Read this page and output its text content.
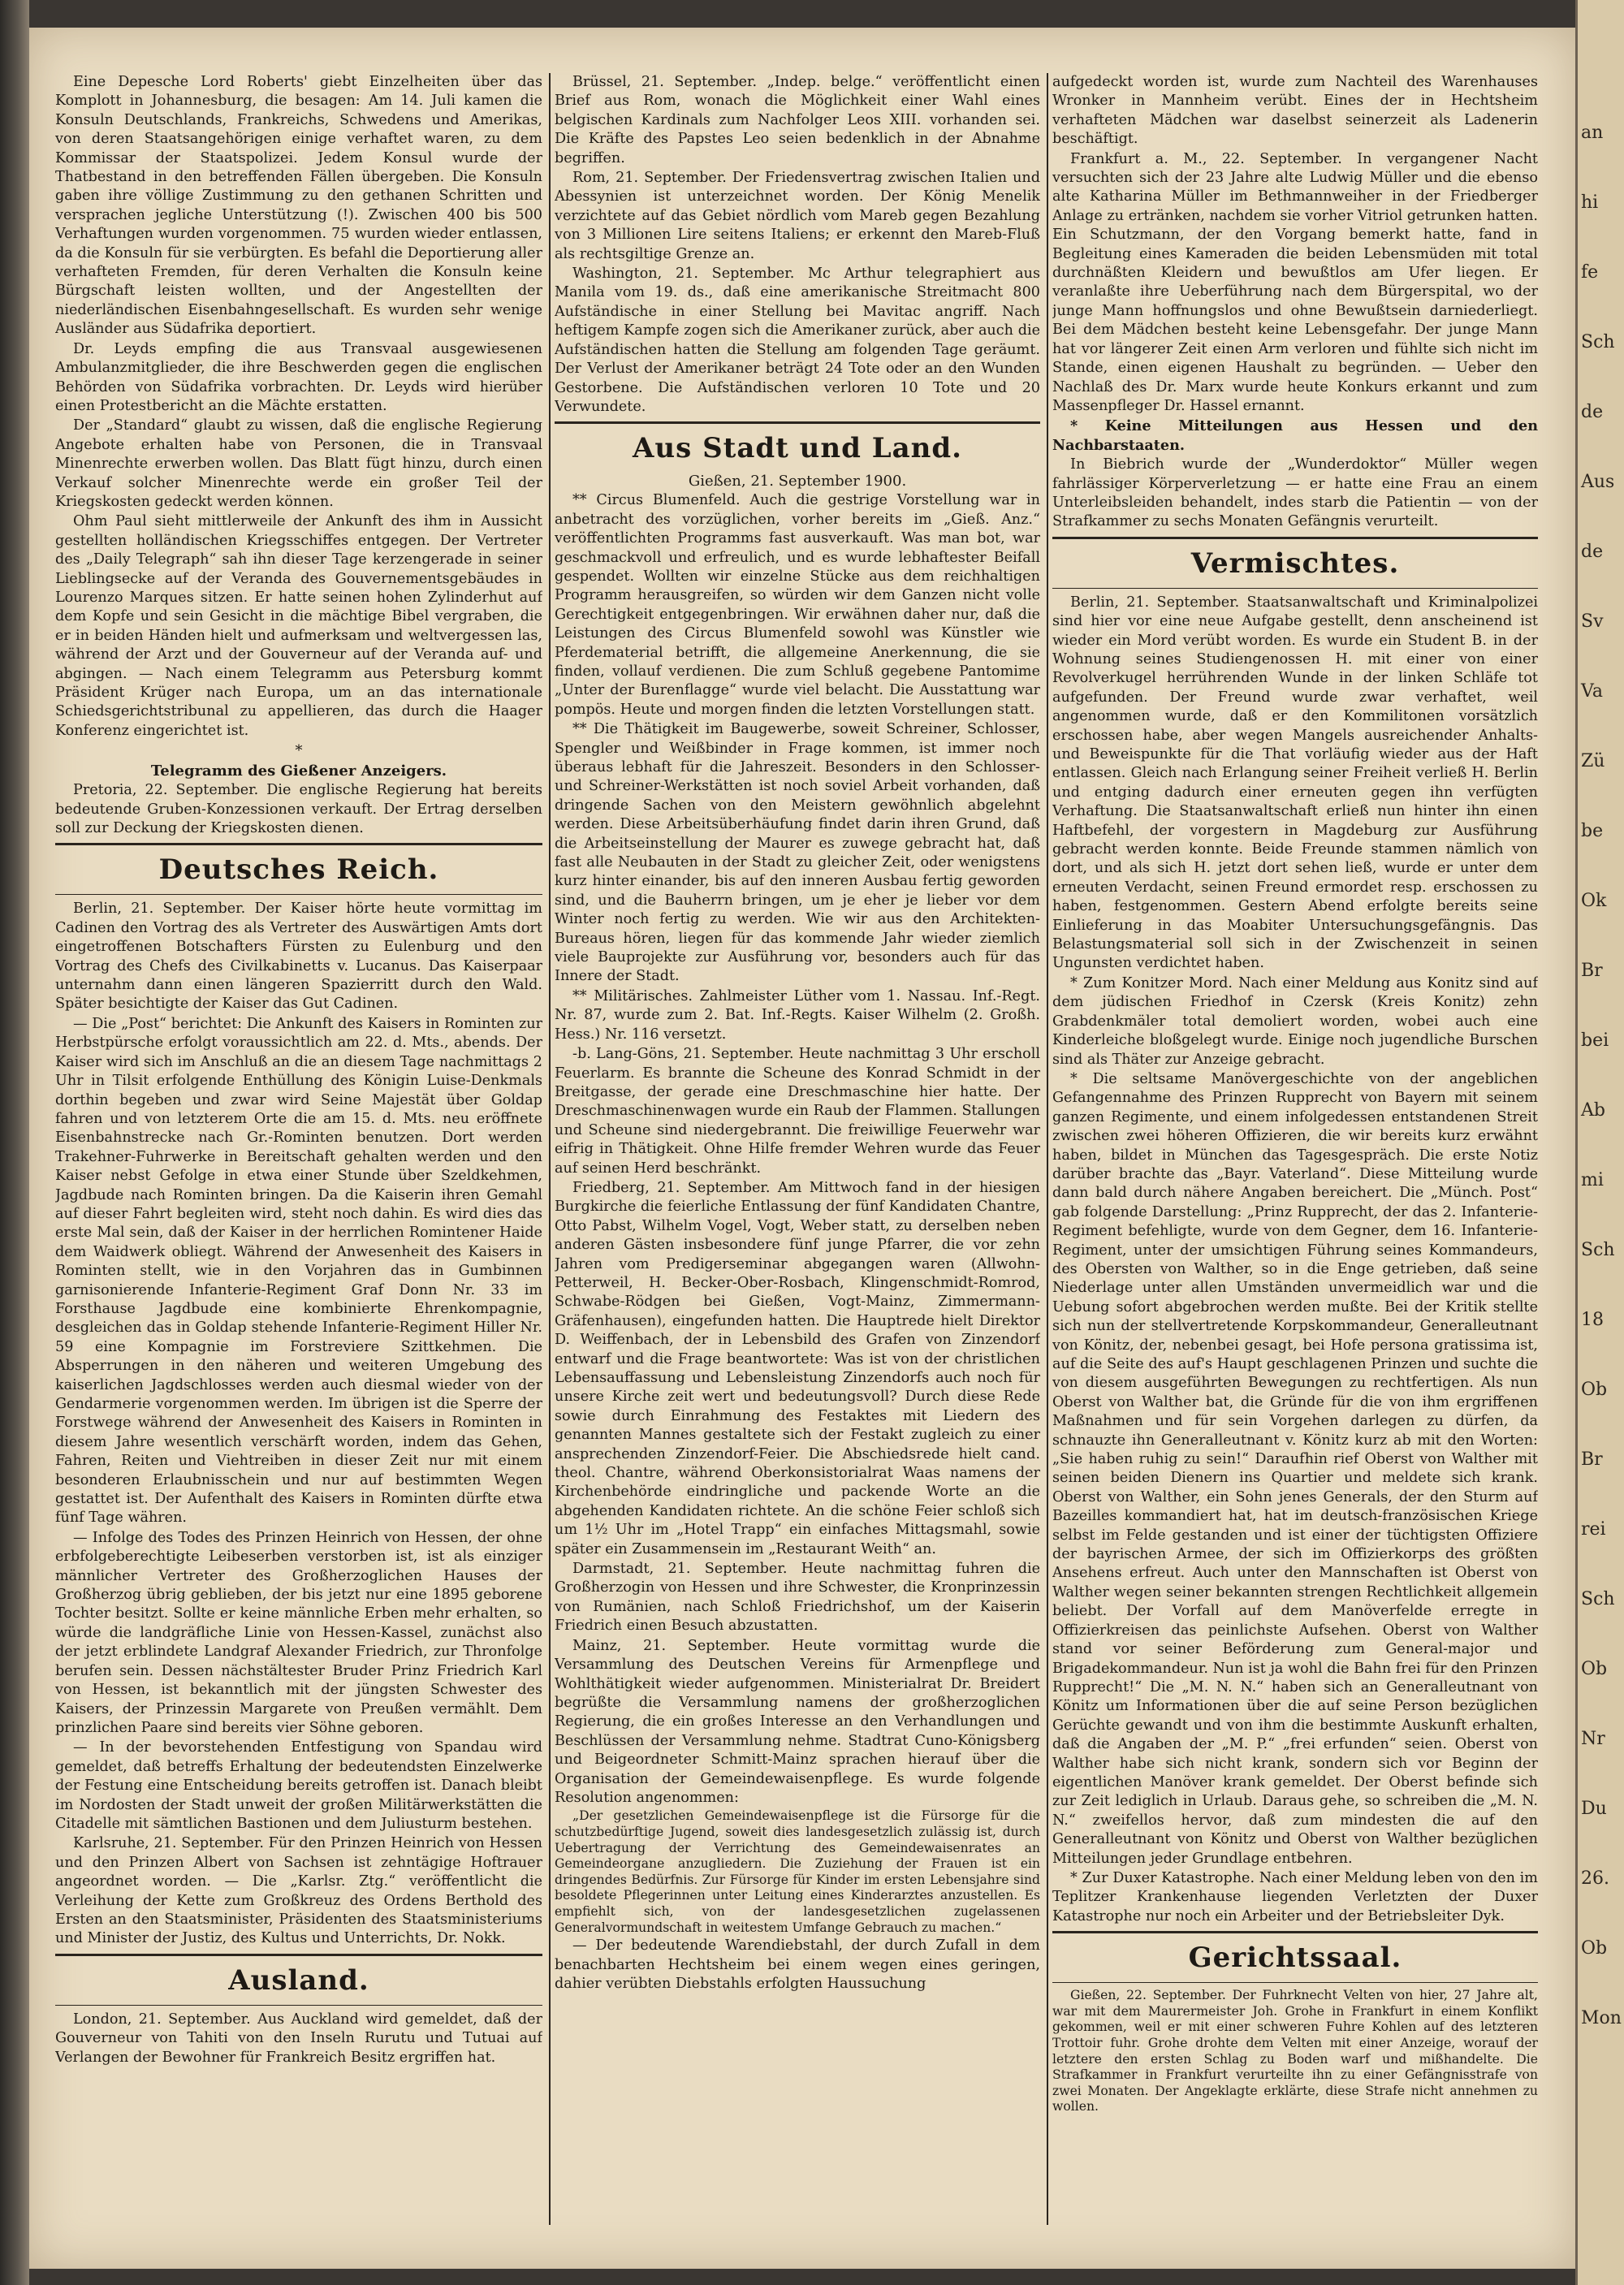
an
hi
fe
Sch
de
Aus
de
Sv
Va
Zü
be
Ok
Br
bei
Ab
mi
Sch
18
Ob
Br
rei
Sch
Ob
Nr
Du
26.
Ob
Mon
Eine Depesche Lord Roberts' giebt Einzelheiten über das Komplott in Johannesburg, die besagen: Am 14. Juli kamen die Konsuln Deutschlands, Frankreichs, Schwedens und Amerikas, von deren Staatsangehörigen einige verhaftet waren, zu dem Kommissar der Staatspolizei. Jedem Konsul wurde der Thatbestand in den betreffenden Fällen übergeben. Die Konsuln gaben ihre völlige Zustimmung zu den gethanen Schritten und versprachen jegliche Unterstützung (!). Zwischen 400 bis 500 Verhaftungen wurden vorgenommen. 75 wurden wieder entlassen, da die Konsuln für sie verbürgten. Es befahl die Deportierung aller verhafteten Fremden, für deren Verhalten die Konsuln keine Bürgschaft leisten wollten, und der Angestellten der niederländischen Eisenbahngesellschaft. Es wurden sehr wenige Ausländer aus Südafrika deportiert.
Dr. Leyds empfing die aus Transvaal ausgewiesenen Ambulanzmitglieder, die ihre Beschwerden gegen die englischen Behörden von Südafrika vorbrachten. Dr. Leyds wird hierüber einen Protestbericht an die Mächte erstatten.
Der „Standard“ glaubt zu wissen, daß die englische Regierung Angebote erhalten habe von Personen, die in Transvaal Minenrechte erwerben wollen. Das Blatt fügt hinzu, durch einen Verkauf solcher Minenrechte werde ein großer Teil der Kriegskosten gedeckt werden können.
Ohm Paul sieht mittlerweile der Ankunft des ihm in Aussicht gestellten holländischen Kriegsschiffes entgegen. Der Vertreter des „Daily Telegraph“ sah ihn dieser Tage kerzengerade in seiner Lieblingsecke auf der Veranda des Gouvernementsgebäudes in Lourenzo Marques sitzen. Er hatte seinen hohen Zylinderhut auf dem Kopfe und sein Gesicht in die mächtige Bibel vergraben, die er in beiden Händen hielt und aufmerksam und weltvergessen las, während der Arzt und der Gouverneur auf der Veranda auf- und abgingen. — Nach einem Telegramm aus Petersburg kommt Präsident Krüger nach Europa, um an das internationale Schiedsgerichtstribunal zu appellieren, das durch die Haager Konferenz eingerichtet ist.
*
Telegramm des Gießener Anzeigers.
Pretoria, 22. September. Die englische Regierung hat bereits bedeutende Gruben-Konzessionen verkauft. Der Ertrag derselben soll zur Deckung der Kriegskosten dienen.
Deutsches Reich.
Berlin, 21. September. Der Kaiser hörte heute vormittag im Cadinen den Vortrag des als Vertreter des Auswärtigen Amts dort eingetroffenen Botschafters Fürsten zu Eulenburg und den Vortrag des Chefs des Civilkabinetts v. Lucanus. Das Kaiserpaar unternahm dann einen längeren Spazierritt durch den Wald. Später besichtigte der Kaiser das Gut Cadinen.
— Die „Post“ berichtet: Die Ankunft des Kaisers in Rominten zur Herbstpürsche erfolgt voraussichtlich am 22. d. Mts., abends. Der Kaiser wird sich im Anschluß an die an diesem Tage nachmittags 2 Uhr in Tilsit erfolgende Enthüllung des Königin Luise-Denkmals dorthin begeben und zwar wird Seine Majestät über Goldap fahren und von letzterem Orte die am 15. d. Mts. neu eröffnete Eisenbahnstrecke nach Gr.-Rominten benutzen. Dort werden Trakehner-Fuhrwerke in Bereitschaft gehalten werden und den Kaiser nebst Gefolge in etwa einer Stunde über Szeldkehmen, Jagdbude nach Rominten bringen. Da die Kaiserin ihren Gemahl auf dieser Fahrt begleiten wird, steht noch dahin. Es wird dies das erste Mal sein, daß der Kaiser in der herrlichen Romintener Haide dem Waidwerk obliegt. Während der Anwesenheit des Kaisers in Rominten stellt, wie in den Vorjahren das in Gumbinnen garnisonierende Infanterie-Regiment Graf Donn Nr. 33 im Forsthause Jagdbude eine kombinierte Ehrenkompagnie, desgleichen das in Goldap stehende Infanterie-Regiment Hiller Nr. 59 eine Kompagnie im Forstreviere Szittkehmen. Die Absperrungen in den näheren und weiteren Umgebung des kaiserlichen Jagdschlosses werden auch diesmal wieder von der Gendarmerie vorgenommen werden. Im übrigen ist die Sperre der Forstwege während der Anwesenheit des Kaisers in Rominten in diesem Jahre wesentlich verschärft worden, indem das Gehen, Fahren, Reiten und Viehtreiben in dieser Zeit nur mit einem besonderen Erlaubnisschein und nur auf bestimmten Wegen gestattet ist. Der Aufenthalt des Kaisers in Rominten dürfte etwa fünf Tage währen.
— Infolge des Todes des Prinzen Heinrich von Hessen, der ohne erbfolgeberechtigte Leibeserben verstorben ist, ist als einziger männlicher Vertreter des Großherzoglichen Hauses der Großherzog übrig geblieben, der bis jetzt nur eine 1895 geborene Tochter besitzt. Sollte er keine männliche Erben mehr erhalten, so würde die landgräfliche Linie von Hessen-Kassel, zunächst also der jetzt erblindete Landgraf Alexander Friedrich, zur Thronfolge berufen sein. Dessen nächstältester Bruder Prinz Friedrich Karl von Hessen, ist bekanntlich mit der jüngsten Schwester des Kaisers, der Prinzessin Margarete von Preußen vermählt. Dem prinzlichen Paare sind bereits vier Söhne geboren.
— In der bevorstehenden Entfestigung von Spandau wird gemeldet, daß betreffs Erhaltung der bedeutendsten Einzelwerke der Festung eine Entscheidung bereits getroffen ist. Danach bleibt im Nordosten der Stadt unweit der großen Militärwerkstätten die Citadelle mit sämtlichen Bastionen und dem Juliusturm bestehen.
Karlsruhe, 21. September. Für den Prinzen Heinrich von Hessen und den Prinzen Albert von Sachsen ist zehntägige Hoftrauer angeordnet worden. — Die „Karlsr. Ztg.“ veröffentlicht die Verleihung der Kette zum Großkreuz des Ordens Berthold des Ersten an den Staatsminister, Präsidenten des Staatsministeriums und Minister der Justiz, des Kultus und Unterrichts, Dr. Nokk.
Ausland.
London, 21. September. Aus Auckland wird gemeldet, daß der Gouverneur von Tahiti von den Inseln Rurutu und Tutuai auf Verlangen der Bewohner für Frankreich Besitz ergriffen hat.
Brüssel, 21. September. „Indep. belge.“ veröffentlicht einen Brief aus Rom, wonach die Möglichkeit einer Wahl eines belgischen Kardinals zum Nachfolger Leos XIII. vorhanden sei. Die Kräfte des Papstes Leo seien bedenklich in der Abnahme begriffen.
Rom, 21. September. Der Friedensvertrag zwischen Italien und Abessynien ist unterzeichnet worden. Der König Menelik verzichtete auf das Gebiet nördlich vom Mareb gegen Bezahlung von 3 Millionen Lire seitens Italiens; er erkennt den Mareb-Fluß als rechtsgiltige Grenze an.
Washington, 21. September. Mc Arthur telegraphiert aus Manila vom 19. ds., daß eine amerikanische Streitmacht 800 Aufständische in einer Stellung bei Mavitac angriff. Nach heftigem Kampfe zogen sich die Amerikaner zurück, aber auch die Aufständischen hatten die Stellung am folgenden Tage geräumt. Der Verlust der Amerikaner beträgt 24 Tote oder an den Wunden Gestorbene. Die Aufständischen verloren 10 Tote und 20 Verwundete.
Aus Stadt und Land.
Gießen, 21. September 1900.
** Circus Blumenfeld. Auch die gestrige Vorstellung war in anbetracht des vorzüglichen, vorher bereits im „Gieß. Anz.“ veröffentlichten Programms fast ausverkauft. Was man bot, war geschmackvoll und erfreulich, und es wurde lebhaftester Beifall gespendet. Wollten wir einzelne Stücke aus dem reichhaltigen Programm herausgreifen, so würden wir dem Ganzen nicht volle Gerechtigkeit entgegenbringen. Wir erwähnen daher nur, daß die Leistungen des Circus Blumenfeld sowohl was Künstler wie Pferdematerial betrifft, die allgemeine Anerkennung, die sie finden, vollauf verdienen. Die zum Schluß gegebene Pantomime „Unter der Burenflagge“ wurde viel belacht. Die Ausstattung war pompös. Heute und morgen finden die letzten Vorstellungen statt.
** Die Thätigkeit im Baugewerbe, soweit Schreiner, Schlosser, Spengler und Weißbinder in Frage kommen, ist immer noch überaus lebhaft für die Jahreszeit. Besonders in den Schlosser- und Schreiner-Werkstätten ist noch soviel Arbeit vorhanden, daß dringende Sachen von den Meistern gewöhnlich abgelehnt werden. Diese Arbeitsüberhäufung findet darin ihren Grund, daß die Arbeitseinstellung der Maurer es zuwege gebracht hat, daß fast alle Neubauten in der Stadt zu gleicher Zeit, oder wenigstens kurz hinter einander, bis auf den inneren Ausbau fertig geworden sind, und die Bauherrn bringen, um je eher je lieber vor dem Winter noch fertig zu werden. Wie wir aus den Architekten-Bureaus hören, liegen für das kommende Jahr wieder ziemlich viele Bauprojekte zur Ausführung vor, besonders auch für das Innere der Stadt.
** Militärisches. Zahlmeister Lüther vom 1. Nassau. Inf.-Regt. Nr. 87, wurde zum 2. Bat. Inf.-Regts. Kaiser Wilhelm (2. Großh. Hess.) Nr. 116 versetzt.
-b. Lang-Göns, 21. September. Heute nachmittag 3 Uhr erscholl Feuerlarm. Es brannte die Scheune des Konrad Schmidt in der Breitgasse, der gerade eine Dreschmaschine hier hatte. Der Dreschmaschinenwagen wurde ein Raub der Flammen. Stallungen und Scheune sind niedergebrannt. Die freiwillige Feuerwehr war eifrig in Thätigkeit. Ohne Hilfe fremder Wehren wurde das Feuer auf seinen Herd beschränkt.
Friedberg, 21. September. Am Mittwoch fand in der hiesigen Burgkirche die feierliche Entlassung der fünf Kandidaten Chantre, Otto Pabst, Wilhelm Vogel, Vogt, Weber statt, zu derselben neben anderen Gästen insbesondere fünf junge Pfarrer, die vor zehn Jahren vom Predigerseminar abgegangen waren (Allwohn-Petterweil, H. Becker-Ober-Rosbach, Klingenschmidt-Romrod, Schwabe-Rödgen bei Gießen, Vogt-Mainz, Zimmermann-Gräfenhausen), eingefunden hatten. Die Hauptrede hielt Direktor D. Weiffenbach, der in Lebensbild des Grafen von Zinzendorf entwarf und die Frage beantwortete: Was ist von der christlichen Lebensauffassung und Lebensleistung Zinzendorfs auch noch für unsere Kirche zeit wert und bedeutungsvoll? Durch diese Rede sowie durch Einrahmung des Festaktes mit Liedern des genannten Mannes gestaltete sich der Festakt zugleich zu einer ansprechenden Zinzendorf-Feier. Die Abschiedsrede hielt cand. theol. Chantre, während Oberkonsistorialrat Waas namens der Kirchenbehörde eindringliche und packende Worte an die abgehenden Kandidaten richtete. An die schöne Feier schloß sich um 1½ Uhr im „Hotel Trapp“ ein einfaches Mittagsmahl, sowie später ein Zusammensein im „Restaurant Weith“ an.
Darmstadt, 21. September. Heute nachmittag fuhren die Großherzogin von Hessen und ihre Schwester, die Kronprinzessin von Rumänien, nach Schloß Friedrichshof, um der Kaiserin Friedrich einen Besuch abzustatten.
Mainz, 21. September. Heute vormittag wurde die Versammlung des Deutschen Vereins für Armenpflege und Wohlthätigkeit wieder aufgenommen. Ministerialrat Dr. Breidert begrüßte die Versammlung namens der großherzoglichen Regierung, die ein großes Interesse an den Verhandlungen und Beschlüssen der Versammlung nehme. Stadtrat Cuno-Königsberg und Beigeordneter Schmitt-Mainz sprachen hierauf über die Organisation der Gemeindewaisenpflege. Es wurde folgende Resolution angenommen:
„Der gesetzlichen Gemeindewaisenpflege ist die Fürsorge für die schutzbedürftige Jugend, soweit dies landesgesetzlich zulässig ist, durch Uebertragung der Verrichtung des Gemeindewaisenrates an Gemeindeorgane anzugliedern. Die Zuziehung der Frauen ist ein dringendes Bedürfnis. Zur Fürsorge für Kinder im ersten Lebensjahre sind besoldete Pflegerinnen unter Leitung eines Kinderarztes anzustellen. Es empfiehlt sich, von der landesgesetzlichen zugelassenen Generalvormundschaft in weitestem Umfange Gebrauch zu machen.“
— Der bedeutende Warendiebstahl, der durch Zufall in dem benachbarten Hechtsheim bei einem wegen eines geringen, dahier verübten Diebstahls erfolgten Haussuchung
aufgedeckt worden ist, wurde zum Nachteil des Warenhauses Wronker in Mannheim verübt. Eines der in Hechtsheim verhafteten Mädchen war daselbst seinerzeit als Ladenerin beschäftigt.
Frankfurt a. M., 22. September. In vergangener Nacht versuchten sich der 23 Jahre alte Ludwig Müller und die ebenso alte Katharina Müller im Bethmannweiher in der Friedberger Anlage zu ertränken, nachdem sie vorher Vitriol getrunken hatten. Ein Schutzmann, der den Vorgang bemerkt hatte, fand in Begleitung eines Kameraden die beiden Lebensmüden mit total durchnäßten Kleidern und bewußtlos am Ufer liegen. Er veranlaßte ihre Ueberführung nach dem Bürgerspital, wo der junge Mann hoffnungslos und ohne Bewußtsein darniederliegt. Bei dem Mädchen besteht keine Lebensgefahr. Der junge Mann hat vor längerer Zeit einen Arm verloren und fühlte sich nicht im Stande, einen eigenen Haushalt zu begründen. — Ueber den Nachlaß des Dr. Marx wurde heute Konkurs erkannt und zum Massenpfleger Dr. Hassel ernannt.
* Keine Mitteilungen aus Hessen und den Nachbarstaaten.
In Biebrich wurde der „Wunderdoktor“ Müller wegen fahrlässiger Körperverletzung — er hatte eine Frau an einem Unterleibsleiden behandelt, indes starb die Patientin — von der Strafkammer zu sechs Monaten Gefängnis verurteilt.
Vermischtes.
Berlin, 21. September. Staatsanwaltschaft und Kriminalpolizei sind hier vor eine neue Aufgabe gestellt, denn anscheinend ist wieder ein Mord verübt worden. Es wurde ein Student B. in der Wohnung seines Studiengenossen H. mit einer von einer Revolverkugel herrührenden Wunde in der linken Schläfe tot aufgefunden. Der Freund wurde zwar verhaftet, weil angenommen wurde, daß er den Kommilitonen vorsätzlich erschossen habe, aber wegen Mangels ausreichender Anhalts- und Beweispunkte für die That vorläufig wieder aus der Haft entlassen. Gleich nach Erlangung seiner Freiheit verließ H. Berlin und entging dadurch einer erneuten gegen ihn verfügten Verhaftung. Die Staatsanwaltschaft erließ nun hinter ihn einen Haftbefehl, der vorgestern in Magdeburg zur Ausführung gebracht werden konnte. Beide Freunde stammen nämlich von dort, und als sich H. jetzt dort sehen ließ, wurde er unter dem erneuten Verdacht, seinen Freund ermordet resp. erschossen zu haben, festgenommen. Gestern Abend erfolgte bereits seine Einlieferung in das Moabiter Untersuchungsgefängnis. Das Belastungsmaterial soll sich in der Zwischenzeit in seinen Ungunsten verdichtet haben.
* Zum Konitzer Mord. Nach einer Meldung aus Konitz sind auf dem jüdischen Friedhof in Czersk (Kreis Konitz) zehn Grabdenkmäler total demoliert worden, wobei auch eine Kinderleiche bloßgelegt wurde. Einige noch jugendliche Burschen sind als Thäter zur Anzeige gebracht.
* Die seltsame Manövergeschichte von der angeblichen Gefangennahme des Prinzen Rupprecht von Bayern mit seinem ganzen Regimente, und einem infolgedessen entstandenen Streit zwischen zwei höheren Offizieren, die wir bereits kurz erwähnt haben, bildet in München das Tagesgespräch. Die erste Notiz darüber brachte das „Bayr. Vaterland“. Diese Mitteilung wurde dann bald durch nähere Angaben bereichert. Die „Münch. Post“ gab folgende Darstellung: „Prinz Rupprecht, der das 2. Infanterie-Regiment befehligte, wurde von dem Gegner, dem 16. Infanterie-Regiment, unter der umsichtigen Führung seines Kommandeurs, des Obersten von Walther, so in die Enge getrieben, daß seine Niederlage unter allen Umständen unvermeidlich war und die Uebung sofort abgebrochen werden mußte. Bei der Kritik stellte sich nun der stellvertretende Korpskommandeur, Generalleutnant von Könitz, der, nebenbei gesagt, bei Hofe persona gratissima ist, auf die Seite des auf's Haupt geschlagenen Prinzen und suchte die von diesem ausgeführten Bewegungen zu rechtfertigen. Als nun Oberst von Walther bat, die Gründe für die von ihm ergriffenen Maßnahmen und für sein Vorgehen darlegen zu dürfen, da schnauzte ihn Generalleutnant v. Könitz kurz ab mit den Worten: „Sie haben ruhig zu sein!“ Daraufhin rief Oberst von Walther mit seinen beiden Dienern ins Quartier und meldete sich krank. Oberst von Walther, ein Sohn jenes Generals, der den Sturm auf Bazeilles kommandiert hat, hat im deutsch-französischen Kriege selbst im Felde gestanden und ist einer der tüchtigsten Offiziere der bayrischen Armee, der sich im Offizierkorps des größten Ansehens erfreut. Auch unter den Mannschaften ist Oberst von Walther wegen seiner bekannten strengen Rechtlichkeit allgemein beliebt. Der Vorfall auf dem Manöverfelde erregte in Offizierkreisen das peinlichste Aufsehen. Oberst von Walther stand vor seiner Beförderung zum General-major und Brigadekommandeur. Nun ist ja wohl die Bahn frei für den Prinzen Rupprecht!“ Die „M. N. N.“ haben sich an Generalleutnant von Könitz um Informationen über die auf seine Person bezüglichen Gerüchte gewandt und von ihm die bestimmte Auskunft erhalten, daß die Angaben der „M. P.“ „frei erfunden“ seien. Oberst von Walther habe sich nicht krank, sondern sich vor Beginn der eigentlichen Manöver krank gemeldet. Der Oberst befinde sich zur Zeit lediglich in Urlaub. Daraus gehe, so schreiben die „M. N. N.“ zweifellos hervor, daß zum mindesten die auf den Generalleutnant von Könitz und Oberst von Walther bezüglichen Mitteilungen jeder Grundlage entbehren.
* Zur Duxer Katastrophe. Nach einer Meldung leben von den im Teplitzer Krankenhause liegenden Verletzten der Duxer Katastrophe nur noch ein Arbeiter und der Betriebsleiter Dyk.
Gerichtssaal.
Gießen, 22. September. Der Fuhrknecht Velten von hier, 27 Jahre alt, war mit dem Maurermeister Joh. Grohe in Frankfurt in einem Konflikt gekommen, weil er mit einer schweren Fuhre Kohlen auf des letzteren Trottoir fuhr. Grohe drohte dem Velten mit einer Anzeige, worauf der letztere den ersten Schlag zu Boden warf und mißhandelte. Die Strafkammer in Frankfurt verurteilte ihn zu einer Gefängnisstrafe von zwei Monaten. Der Angeklagte erklärte, diese Strafe nicht annehmen zu wollen.
